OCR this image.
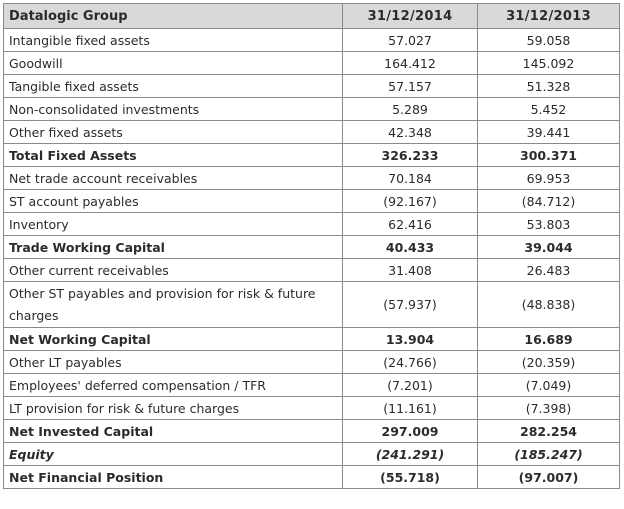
Datalogic Group	31/12/2014	31/12/2013
Intangible fixed assets	57.027	59.058
Goodwill	164.412	145.092
Tangible fixed assets	57.157	51.328
Non-consolidated investments	5.289	5.452
Other fixed assets	42.348	39.441
Total Fixed Assets	326.233	300.371
Net trade account receivables	70.184	69.953
ST account payables	(92.167)	(84.712)
Inventory	62.416	53.803
Trade Working Capital	40.433	39.044
Other current receivables	31.408	26.483
Other ST payables and provision for risk & future charges	(57.937)	(48.838)
Net Working Capital	13.904	16.689
Other LT payables	(24.766)	(20.359)
Employees' deferred compensation / TFR	(7.201)	(7.049)
LT provision for risk & future charges	(11.161)	(7.398)
Net Invested Capital	297.009	282.254
Equity	(241.291)	(185.247)
Net Financial Position	(55.718)	(97.007)
